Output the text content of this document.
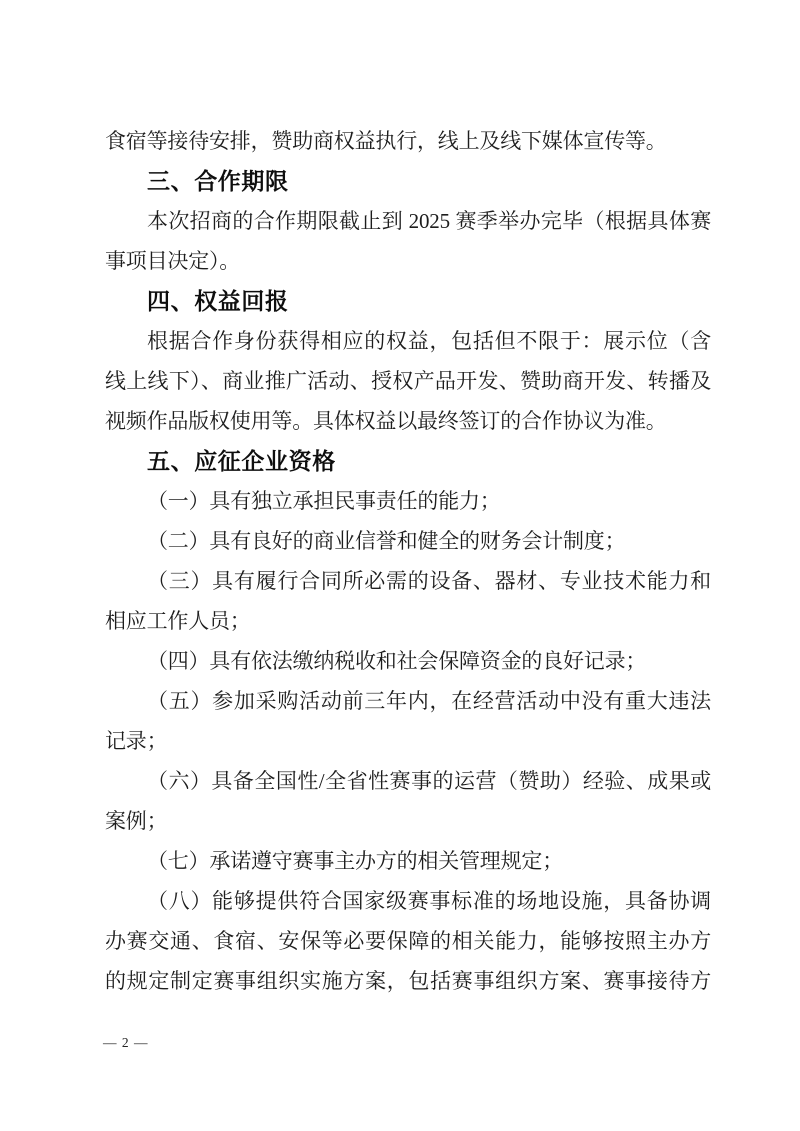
食宿等接待安排，赞助商权益执行，线上及线下媒体宣传等。
三、合作期限
本次招商的合作期限截止到 2025 赛季举办完毕（根据具体赛
事项目决定）。
四、权益回报
根据合作身份获得相应的权益，包括但不限于：展示位（含
线上线下）、商业推广活动、授权产品开发、赞助商开发、转播及
视频作品版权使用等。具体权益以最终签订的合作协议为准。
五、应征企业资格
（一）具有独立承担民事责任的能力；
（二）具有良好的商业信誉和健全的财务会计制度；
（三）具有履行合同所必需的设备、器材、专业技术能力和
相应工作人员；
（四）具有依法缴纳税收和社会保障资金的良好记录；
（五）参加采购活动前三年内，在经营活动中没有重大违法
记录；
（六）具备全国性/全省性赛事的运营（赞助）经验、成果或
案例；
（七）承诺遵守赛事主办方的相关管理规定；
（八）能够提供符合国家级赛事标准的场地设施，具备协调
办赛交通、食宿、安保等必要保障的相关能力，能够按照主办方
的规定制定赛事组织实施方案，包括赛事组织方案、赛事接待方
— 2 —
